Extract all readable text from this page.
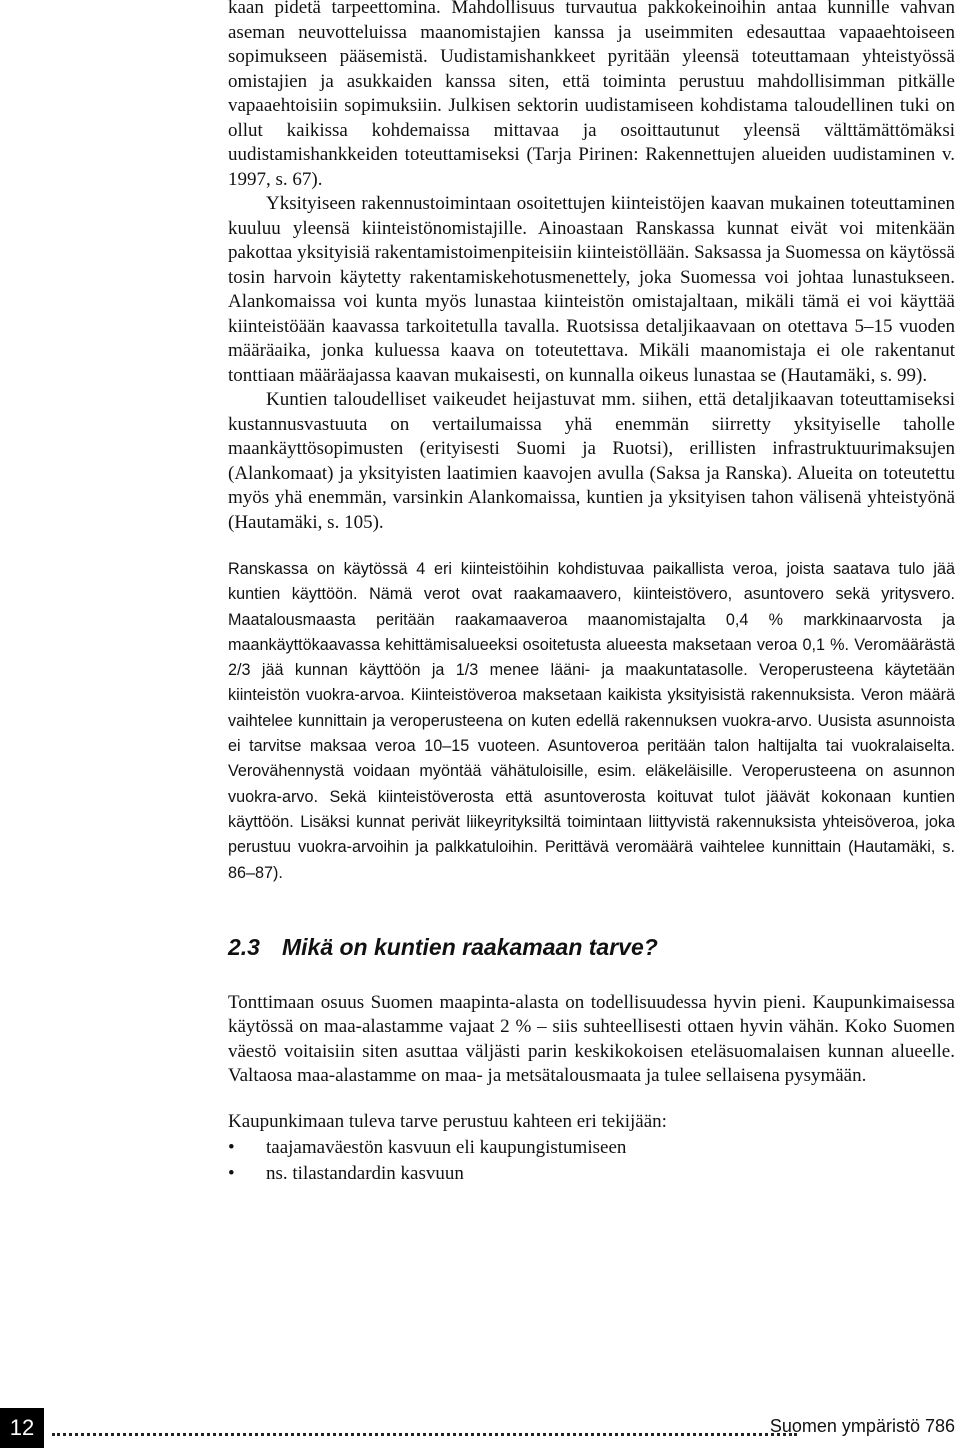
kaan pidetä tarpeettomina. Mahdollisuus turvautua pakkokeinoihin antaa kunnille vahvan aseman neuvotteluissa maanomistajien kanssa ja useimmiten edesauttaa vapaaehtoiseen sopimukseen pääsemistä. Uudistamishankkeet pyritään yleensä toteuttamaan yhteistyössä omistajien ja asukkaiden kanssa siten, että toiminta perustuu mahdollisimman pitkälle vapaaehtoisiin sopimuksiin. Julkisen sektorin uudistamiseen kohdistama taloudellinen tuki on ollut kaikissa kohdemaissa mittavaa ja osoittautunut yleensä välttämättömäksi uudistamishankkeiden toteuttamiseksi (Tarja Pirinen: Rakennettujen alueiden uudistaminen v. 1997, s. 67).

Yksityiseen rakennustoimintaan osoitettujen kiinteistöjen kaavan mukainen toteuttaminen kuuluu yleensä kiinteistönomistajille. Ainoastaan Ranskassa kunnat eivät voi mitenkään pakottaa yksityisiä rakentamistoimenpiteisiin kiinteistöllään. Saksassa ja Suomessa on käytössä tosin harvoin käytetty rakentamiskehotusmenettely, joka Suomessa voi johtaa lunastukseen. Alankomaissa voi kunta myös lunastaa kiinteistön omistajaltaan, mikäli tämä ei voi käyttää kiinteistöään kaavassa tarkoitetulla tavalla. Ruotsissa detaljikaavaan on otettava 5–15 vuoden määräaika, jonka kuluessa kaava on toteutettava. Mikäli maanomistaja ei ole rakentanut tonttiaan määräajassa kaavan mukaisesti, on kunnalla oikeus lunastaa se (Hautamäki, s. 99).

Kuntien taloudelliset vaikeudet heijastuvat mm. siihen, että detaljikaavan toteuttamiseksi kustannusvastuuta on vertailumaissa yhä enemmän siirretty yksityiselle taholle maankäyttösopimusten (erityisesti Suomi ja Ruotsi), erillisten infrastruktuurimaksujen (Alankomaat) ja yksityisten laatimien kaavojen avulla (Saksa ja Ranska). Alueita on toteutettu myös yhä enemmän, varsinkin Alankomaissa, kuntien ja yksityisen tahon välisenä yhteistyönä (Hautamäki, s. 105).

Ranskassa on käytössä 4 eri kiinteistöihin kohdistuvaa paikallista veroa, joista saatava tulo jää kuntien käyttöön. Nämä verot ovat raakamaavero, kiinteistövero, asuntovero sekä yritysvero. Maatalousmaasta peritään raakamaaveroa maanomistajalta 0,4 % markkinaarvosta ja maankäyttökaavassa kehittämisalueeksi osoitetusta alueesta maksetaan veroa 0,1 %. Veromäärästä 2/3 jää kunnan käyttöön ja 1/3 menee lääni- ja maakuntatasolle. Veroperusteena käytetään kiinteistön vuokra-arvoa. Kiinteistöveroa maksetaan kaikista yksityisistä rakennuksista. Veron määrä vaihtelee kunnittain ja veroperusteena on kuten edellä rakennuksen vuokra-arvo. Uusista asunnoista ei tarvitse maksaa veroa 10–15 vuoteen. Asuntoveroa peritään talon haltijalta tai vuokralaiselta. Verovähennystä voidaan myöntää vähätuloisille, esim. eläkeläisille. Veroperusteena on asunnon vuokra-arvo. Sekä kiinteistöverosta että asuntoverosta koituvat tulot jäävät kokonaan kuntien käyttöön. Lisäksi kunnat perivät liikeyrityksiltä toimintaan liittyvistä rakennuksista yhteisöveroa, joka perustuu vuokra-arvoihin ja palkkatuloihin. Perittävä veromäärä vaihtelee kunnittain (Hautamäki, s. 86–87).

2.3 Mikä on kuntien raakamaan tarve?

Tonttimaan osuus Suomen maapinta-alasta on todellisuudessa hyvin pieni. Kaupunkimaisessa käytössä on maa-alastamme vajaat 2 % – siis suhteellisesti ottaen hyvin vähän. Koko Suomen väestö voitaisiin siten asuttaa väljästi parin keskikokoisen eteläsuomalaisen kunnan alueelle. Valtaosa maa-alastamme on maa- ja metsätalousmaata ja tulee sellaisena pysymään.

Kaupunkimaan tuleva tarve perustuu kahteen eri tekijään:

•	taajamaväestön kasvuun eli kaupungistumiseen
•	ns. tilastandardin kasvuun
12	Suomen ympäristö 786
